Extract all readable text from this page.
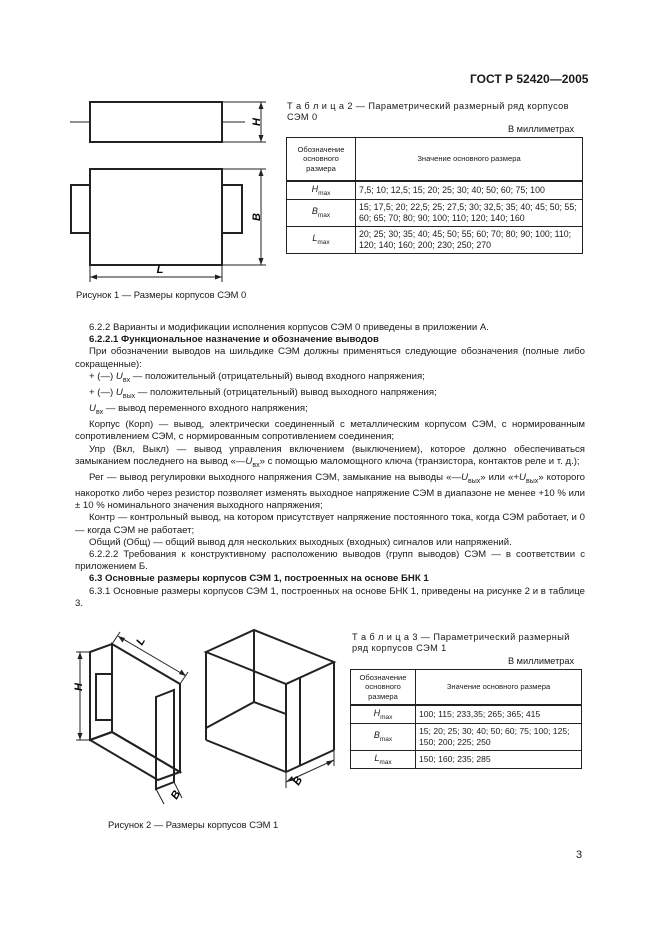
ГОСТ Р 52420—2005
H
B
L
Рисунок 1 — Размеры корпусов СЭМ 0
Т а б л и ц а 2 — Параметрический размерный ряд корпусов СЭМ 0
В миллиметрах
Обозначение основного размера	Значение основного размера
$H_{max}$	7,5; 10; 12,5; 15; 20; 25; 30; 40; 50; 60; 75; 100
$B_{max}$	15; 17,5; 20; 22,5; 25; 27,5; 30; 32,5; 35; 40; 45; 50; 55; 60; 65; 70; 80; 90; 100; 110; 120; 140; 160
$L_{max}$	20; 25; 30; 35; 40; 45; 50; 55; 60; 70; 80; 90; 100; 110; 120; 140; 160; 200; 230; 250; 270

6.2.2 Варианты и модификации исполнения корпусов СЭМ 0 приведены в приложении А.

6.2.2.1 Функциональное назначение и обозначение выводов

При обозначении выводов на шильдике СЭМ должны применяться следующие обозначения (полные либо сокращенные):

+ (—) $U_{вх}$ — положительный (отрицательный) вывод входного напряжения;

+ (—) $U_{вых}$ — положительный (отрицательный) вывод выходного напряжения;

$U_{вх}$ — вывод переменного входного напряжения;

Корпус (Корп) — вывод, электрически соединенный с металлическим корпусом СЭМ, с нормированным сопротивлением СЭМ, с нормированным сопротивлением соединения;

Упр (Вкл, Выкл) — вывод управления включением (выключением), которое должно обеспечиваться замыканием последнего на вывод «$—U_{вх}$» с помощью маломощного ключа (транзистора, контактов реле и т. д.);

Рег — вывод регулировки выходного напряжения СЭМ, замыкание на выводы «$—U_{вых}$» или «$+U_{вых}$» которого накоротко либо через резистор позволяет изменять выходное напряжение СЭМ в диапазоне не менее +10 % или ± 10 % номинального значения выходного напряжения;

Контр — контрольный вывод, на котором присутствует напряжение постоянного тока, когда СЭМ работает, и 0 — когда СЭМ не работает;

Общий (Общ) — общий вывод для нескольких выходных (входных) сигналов или напряжений.

6.2.2.2 Требования к конструктивному расположению выводов (групп выводов) СЭМ — в соответствии с приложением Б.

6.3 Основные размеры корпусов СЭМ 1, построенных на основе БНК 1

6.3.1 Основные размеры корпусов СЭМ 1, построенных на основе БНК 1, приведены на рисунке 2 и в таблице 3.

H
L
B
B
Рисунок 2 — Размеры корпусов СЭМ 1
Т а б л и ц а 3 — Параметрический размерный
ряд корпусов СЭМ 1
В миллиметрах
Обозначение основного размера	Значение основного размера
$H_{max}$	100; 115; 233,35; 265; 365; 415
$B_{max}$	15; 20; 25; 30; 40; 50; 60; 75; 100; 125; 150; 200; 225; 250
$L_{max}$	150; 160; 235; 285
3
